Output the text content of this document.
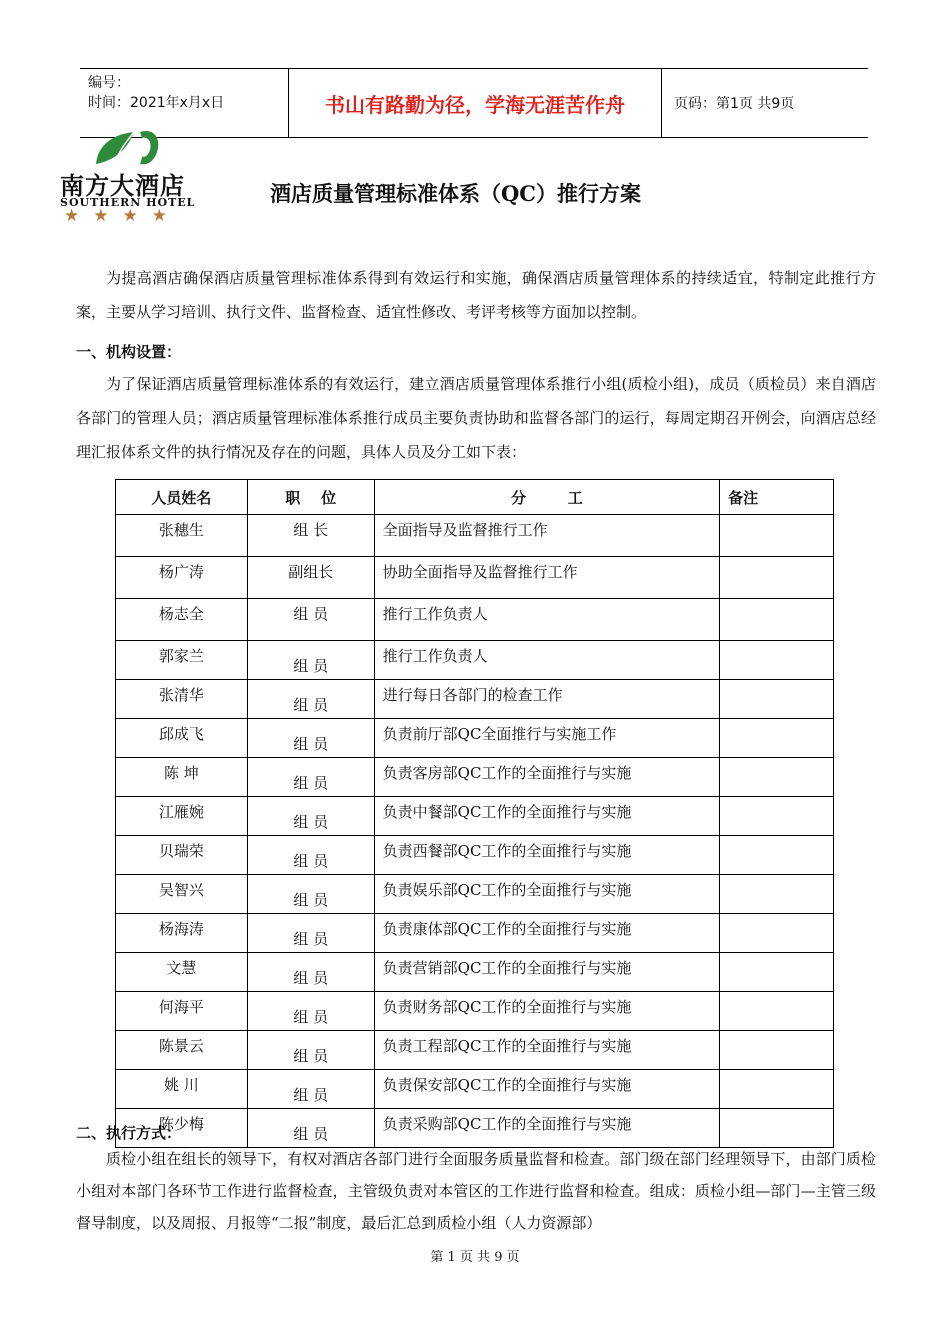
编号：
时间：2021年x月x日	书山有路勤为径，学海无涯苦作舟	页码：第1页 共9页
南方大酒店
SOUTHERN HOTEL
★★★★
酒店质量管理标准体系（QC）推行方案
为提高酒店确保酒店质量管理标准体系得到有效运行和实施，确保酒店质量管理体系的持续适宜，特制定此推行方案，主要从学习培训、执行文件、监督检查、适宜性修改、考评考核等方面加以控制。
一、机构设置：
为了保证酒店质量管理标准体系的有效运行，建立酒店质量管理体系推行小组(质检小组)，成员（质检员）来自酒店各部门的管理人员；酒店质量管理标准体系推行成员主要负责协助和监督各部门的运行，每周定期召开例会，向酒店总经理汇报体系文件的执行情况及存在的问题，具体人员及分工如下表：
人员姓名	职    位	分        工	备注
张穗生	组 长	全面指导及监督推行工作	
杨广涛	副组长	协助全面指导及监督推行工作	
杨志全	组 员	推行工作负责人	
郭家兰	组 员	推行工作负责人	
张清华	组 员	进行每日各部门的检查工作	
邱成飞	组 员	负责前厅部QC全面推行与实施工作	
陈 坤	组 员	负责客房部QC工作的全面推行与实施	
江雁婉	组 员	负责中餐部QC工作的全面推行与实施	
贝瑞荣	组 员	负责西餐部QC工作的全面推行与实施	
吴智兴	组 员	负责娱乐部QC工作的全面推行与实施	
杨海涛	组 员	负责康体部QC工作的全面推行与实施	
文慧	组 员	负责营销部QC工作的全面推行与实施	
何海平	组 员	负责财务部QC工作的全面推行与实施	
陈景云	组 员	负责工程部QC工作的全面推行与实施	
姚 川	组 员	负责保安部QC工作的全面推行与实施	
陈少梅	组 员	负责采购部QC工作的全面推行与实施	
二、执行方式：
质检小组在组长的领导下，有权对酒店各部门进行全面服务质量监督和检查。部门级在部门经理领导下，由部门质检小组对本部门各环节工作进行监督检查，主管级负责对本管区的工作进行监督和检查。组成：质检小组—部门—主管三级督导制度，以及周报、月报等“二报”制度，最后汇总到质检小组（人力资源部）
第 1 页 共 9 页
